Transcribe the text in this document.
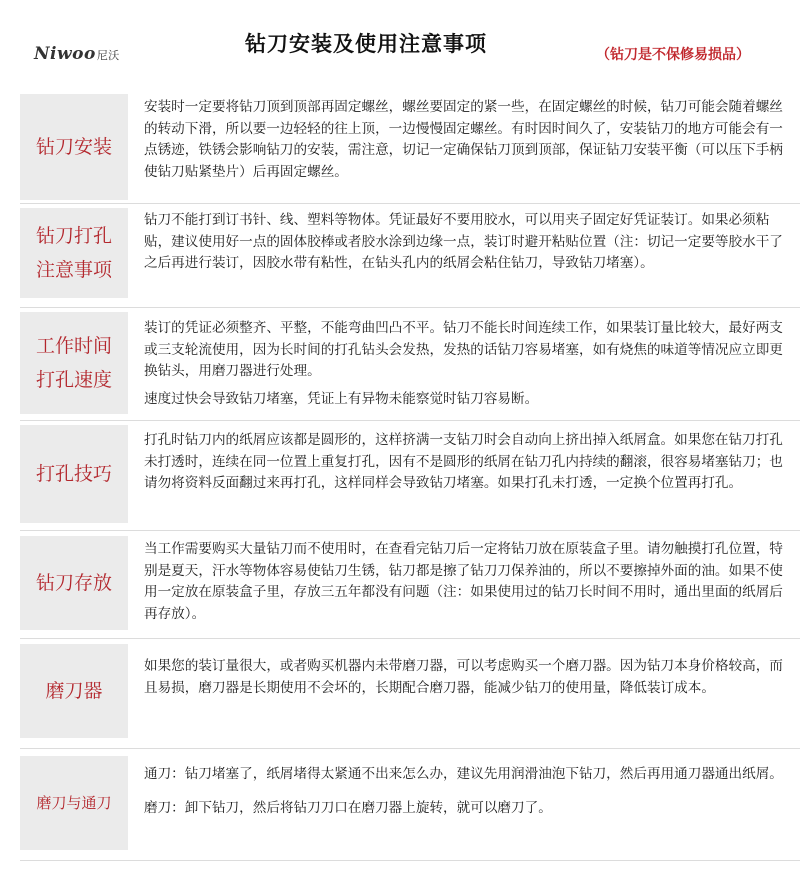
Niwoo尼沃	钻刀安装及使用注意事项	（钻刀是不保修易损品）
钻刀安装

安装时一定要将钻刀顶到顶部再固定螺丝，螺丝要固定的紧一些，在固定螺丝的时候，钻刀可能会随着螺丝的转动下滑，所以要一边轻轻的往上顶，一边慢慢固定螺丝。有时因时间久了，安装钻刀的地方可能会有一点锈迹，铁锈会影响钻刀的安装，需注意，切记一定确保钻刀顶到顶部，保证钻刀安装平衡（可以压下手柄使钻刀贴紧垫片）后再固定螺丝。

钻刀打孔注意事项

钻刀不能打到订书针、线、塑料等物体。凭证最好不要用胶水，可以用夹子固定好凭证装订。如果必须粘贴，建议使用好一点的固体胶棒或者胶水涂到边缘一点，装订时避开粘贴位置（注：切记一定要等胶水干了之后再进行装订，因胶水带有粘性，在钻头孔内的纸屑会粘住钻刀，导致钻刀堵塞）。

工作时间打孔速度

装订的凭证必须整齐、平整，不能弯曲凹凸不平。钻刀不能长时间连续工作，如果装订量比较大，最好两支或三支轮流使用，因为长时间的打孔钻头会发热，发热的话钻刀容易堵塞，如有烧焦的味道等情况应立即更换钻头，用磨刀器进行处理。

速度过快会导致钻刀堵塞，凭证上有异物未能察觉时钻刀容易断。

打孔技巧

打孔时钻刀内的纸屑应该都是圆形的，这样挤满一支钻刀时会自动向上挤出掉入纸屑盒。如果您在钻刀打孔未打透时，连续在同一位置上重复打孔，因有不是圆形的纸屑在钻刀孔内持续的翻滚，很容易堵塞钻刀；也请勿将资料反面翻过来再打孔，这样同样会导致钻刀堵塞。如果打孔未打透，一定换个位置再打孔。

钻刀存放

当工作需要购买大量钻刀而不使用时，在查看完钻刀后一定将钻刀放在原装盒子里。请勿触摸打孔位置，特别是夏天，汗水等物体容易使钻刀生锈，钻刀都是擦了钻刀刀保养油的，所以不要擦掉外面的油。如果不使用一定放在原装盒子里，存放三五年都没有问题（注：如果使用过的钻刀长时间不用时，通出里面的纸屑后再存放）。

磨刀器

如果您的装订量很大，或者购买机器内未带磨刀器，可以考虑购买一个磨刀器。因为钻刀本身价格较高，而且易损，磨刀器是长期使用不会坏的，长期配合磨刀器，能减少钻刀的使用量，降低装订成本。

磨刀与通刀

通刀：钻刀堵塞了，纸屑堵得太紧通不出来怎么办，建议先用润滑油泡下钻刀，然后再用通刀器通出纸屑。

磨刀：卸下钻刀，然后将钻刀刀口在磨刀器上旋转，就可以磨刀了。
